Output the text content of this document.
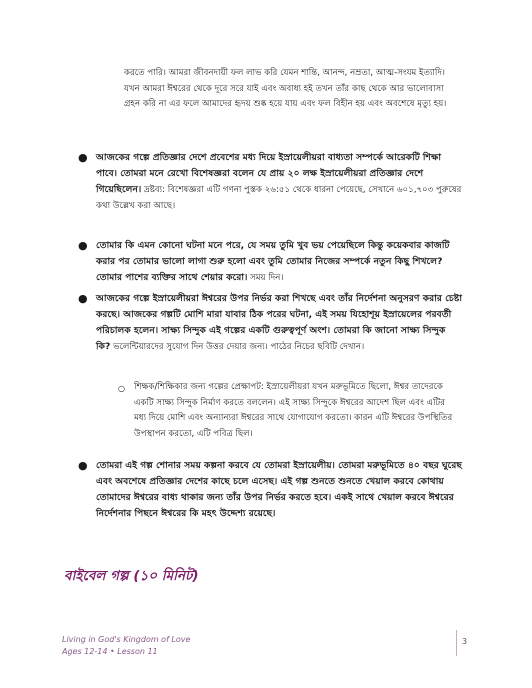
করতে পারি। আমরা জীবনদায়ী ফল লাভ করি যেমন শান্তি, আনন্দ, নম্রতা, আত্ম-সংযম ইত্যাদি। যখন আমরা ঈশ্বরের থেকে দূরে সরে যাই এবং অবাধ্য হই তখন তাঁর কাছ থেকে আর ভালোবাসা গ্রহন করি না এর ফলে আমাদের হৃদয় শুষ্ক হয়ে যায় এবং ফল বিহীন হয় এবং অবশেষে মৃত্যু হয়।
● আজকের গল্পে প্রতিজ্ঞার দেশে প্রবেশের মধ্য দিয়ে ইস্রায়েলীয়রা বাধ্যতা সম্পর্কে আরেকটি শিক্ষা পাবে। তোমরা মনে রেখো বিশেষজ্ঞরা বলেন যে প্রায় ২০ লক্ষ ইস্রায়েলীয়রা প্রতিজ্ঞার দেশে গিয়েছিলেন। দ্রষ্টব্য: বিশেষজ্ঞরা এটি গণনা পুস্তক ২৬:৫১ থেকে ধারনা পেয়েছে, সেখানে ৬০১,৭০৩ পুরুষের কথা উল্লেখ করা আছে।
● তোমার কি এমন কোনো ঘটনা মনে পরে, যে সময় তুমি খুব ভয় পেয়েছিলে কিন্তু কয়েকবার কাজটি করার পর তোমার ভালো লাগা শুরু হলো এবং তুমি তোমার নিজের সম্পর্কে নতুন কিছু শিখলে? তোমার পাশের ব্যক্তির সাথে শেয়ার করো। সময় দিন।
● আজকের গল্পে ইস্রায়েলীয়রা ঈশ্বরের উপর নির্ভর করা শিখছে এবং তাঁর নির্দেশনা অনুসরণ করার চেষ্টা করছে। আজকের গল্পটি মোশি মারা যাবার ঠিক পরের ঘটনা, এই সময় যিহোশূয় ইস্রায়েলের পরবর্তী পরিচালক হলেন। সাক্ষ্য সিন্দুক এই গল্পের একটি গুরুত্বপূর্ণ অংশ। তোমরা কি জানো সাক্ষ্য সিন্দুক কি? ভলেন্টিয়ারদের সুযোগ দিন উত্তর দেয়ার জন্য। পাঠের নিচের ছবিটি দেখান।
○ শিক্ষক/শিক্ষিকার জন্য গল্পের প্রেক্ষাপট: ইস্রায়েলীয়রা যখন মরুভূমিতে ছিলো, ঈশ্বর তাদেরকে একটি সাক্ষ্য সিন্দুক নির্মাণ করতে বললেন। এই সাক্ষ্য সিন্দুকে ঈশ্বরের আদেশ ছিল এবং এটির মধ্য দিয়ে মোশি এবং অন্যান্যরা ঈশ্বরের সাথে যোগাযোগ করতো। কারন এটি ঈশ্বরের উপস্থিতির উপস্থাপন করতো, এটি পবিত্র ছিল।
● তোমরা এই গল্প শোনার সময় কল্পনা করবে যে তোমরা ইস্রায়েলীয়। তোমরা মরুভূমিতে ৪০ বছর ঘুরেছ এবং অবশেষে প্রতিজ্ঞার দেশের কাছে চলে এসেছ। এই গল্প শুনতে শুনতে খেয়াল করবে কোথায় তোমাদের ঈশ্বরের বাধ্য থাকার জন্য তাঁর উপর নির্ভর করতে হবে। একই সাথে খেয়াল করবে ঈশ্বরের নির্দেশনার পিছনে ঈশ্বরের কি মহৎ উদ্দেশ্য রয়েছে।
বাইবেল গল্প (১০ মিনিট)
Living in God's Kingdom of Love
Ages 12-14 • Lesson 11
3
